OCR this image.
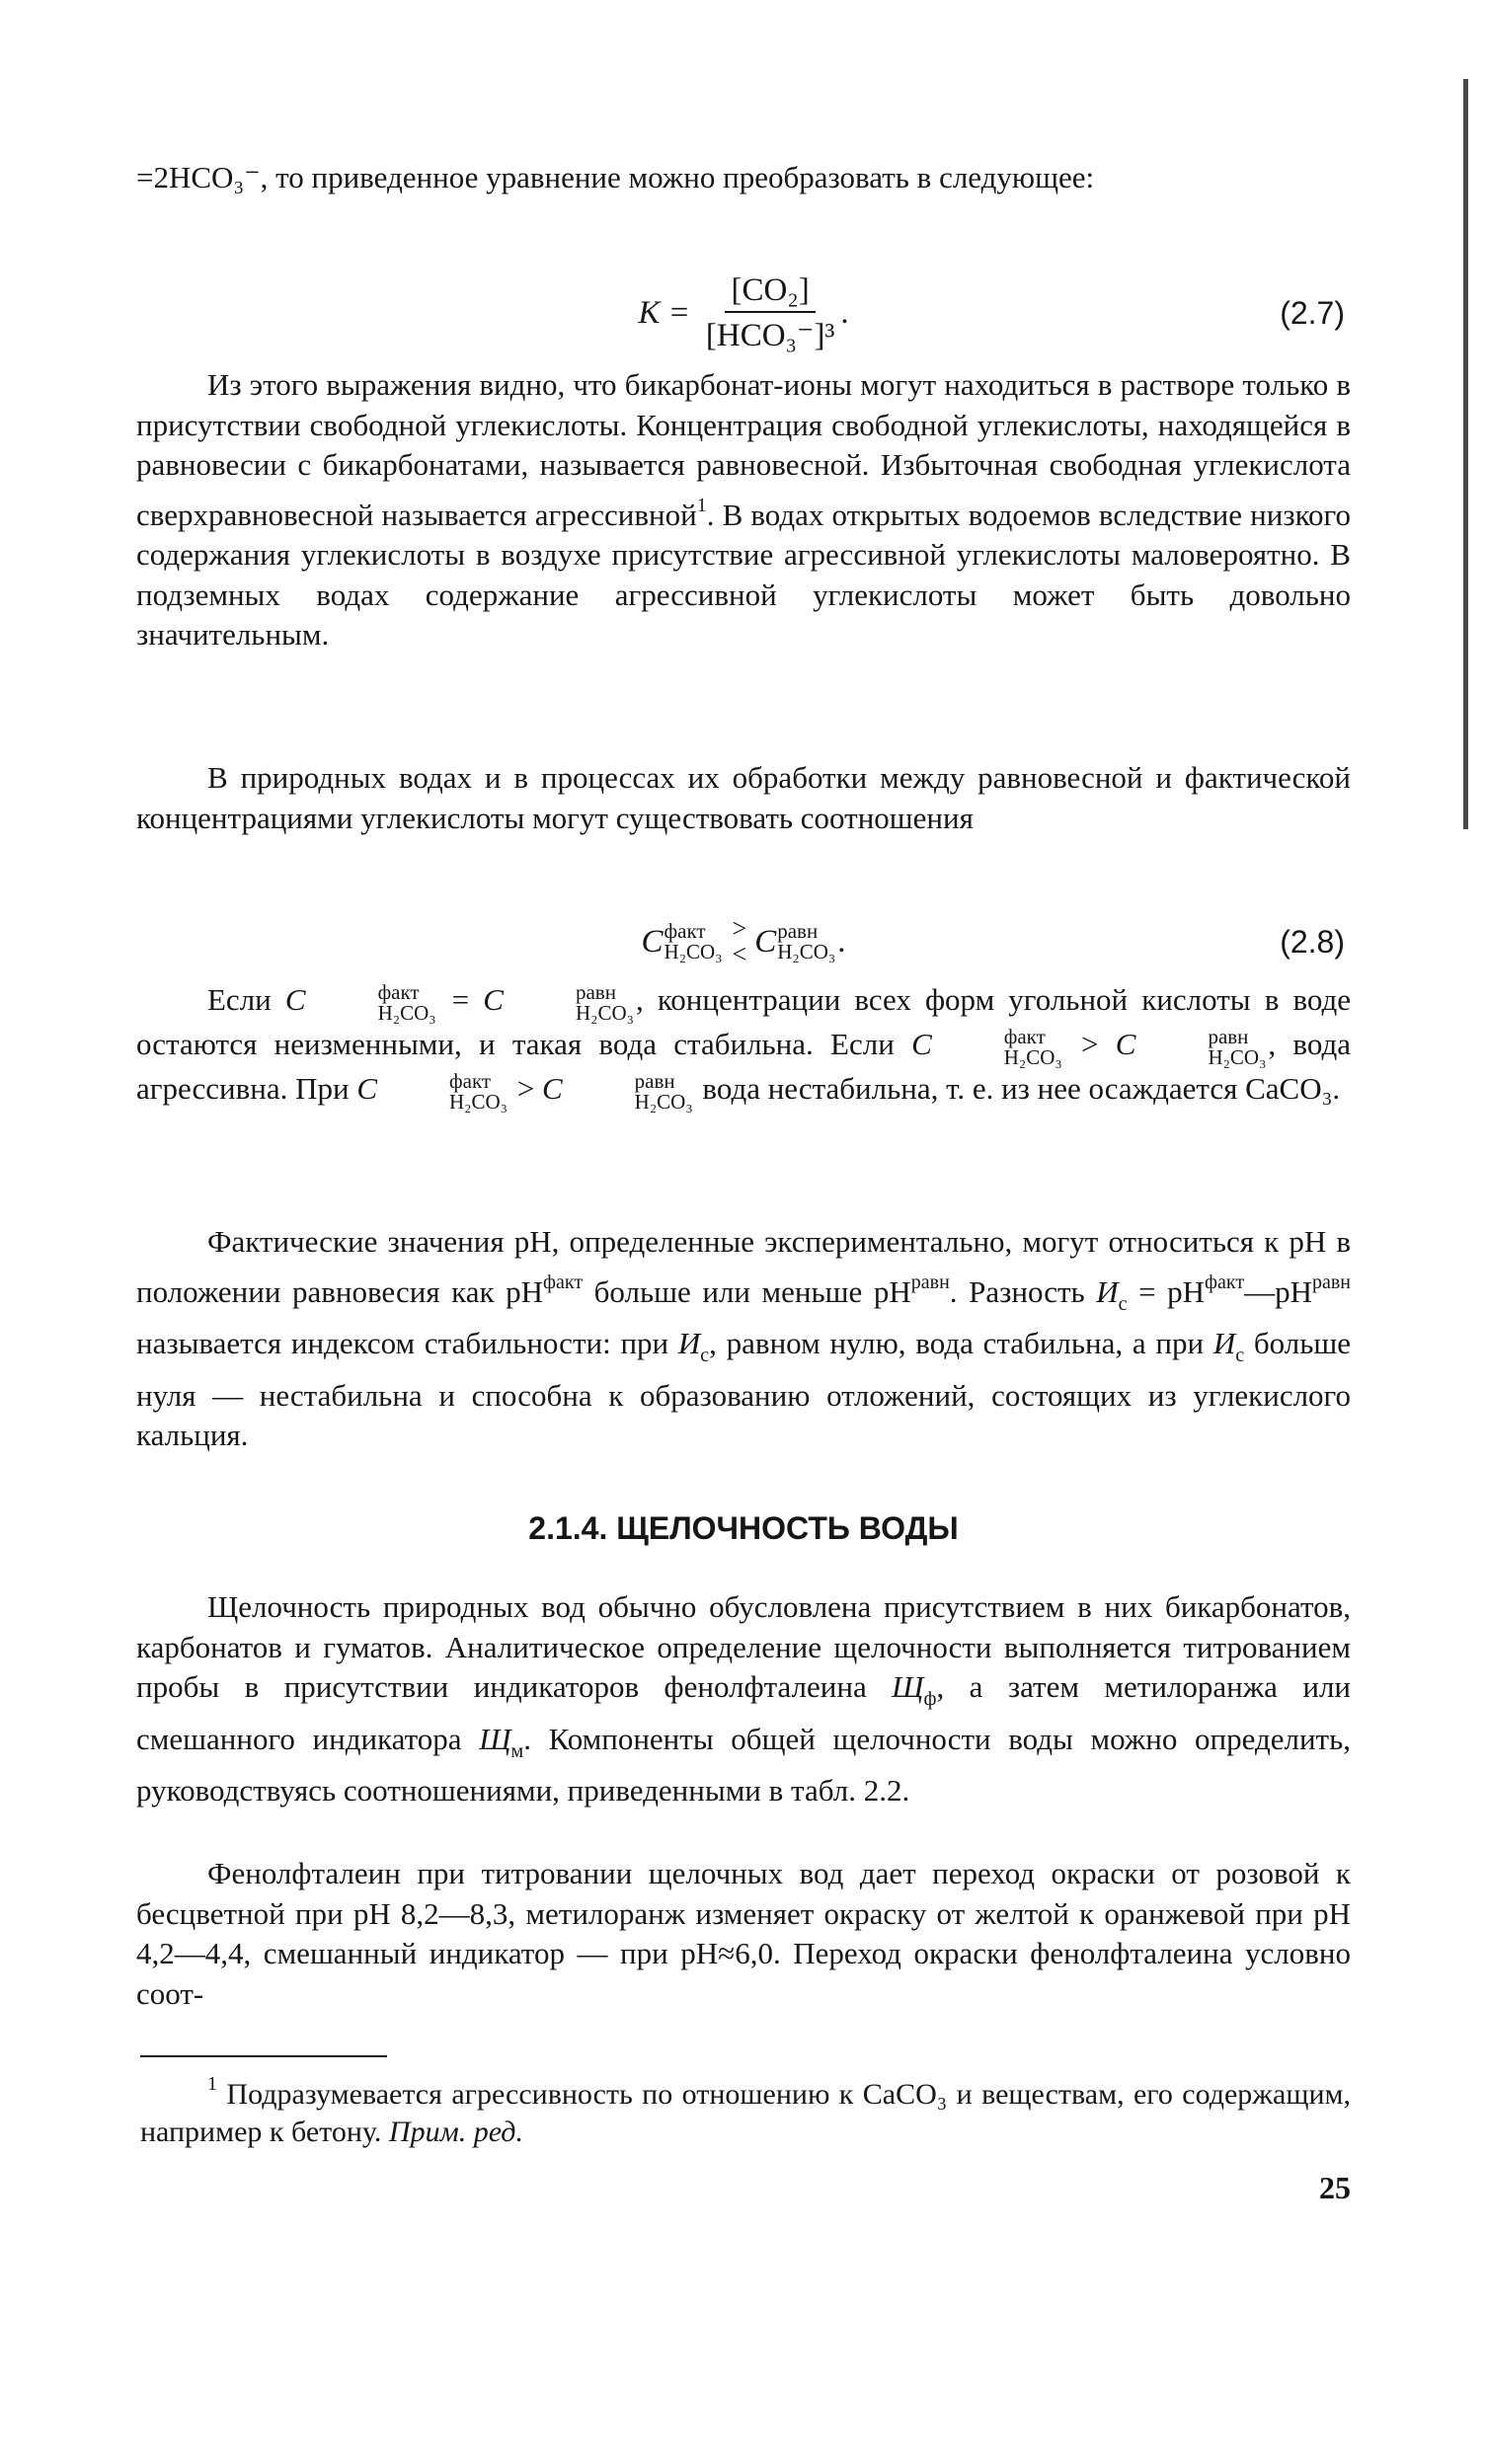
=2HCO₃⁻, то приведенное уравнение можно преобразовать в следующее:

$K = \frac{\text{[CO₂]}}{\text{[HCO₃⁻]³}}$ .	(2.7)

Из этого выражения видно, что бикарбонат-ионы могут находиться в растворе только в присутствии свободной углекислоты. Концентрация свободной углекислоты, находящейся в равновесии с бикарбонатами, называется равновесной. Избыточная свободная углекислота сверхравновесной называется агрессивной$^1$. В водах открытых водоемов вследствие низкого содержания углекислоты в воздухе присутствие агрессивной углекислоты маловероятно. В подземных водах содержание агрессивной углекислоты может быть довольно значительным.

В природных водах и в процессах их обработки между равновесной и фактической концентрациями углекислоты могут существовать соотношения

C факт
H₂CO₃
>
< C равн
H₂CO₃ .	(2.8)

Если C	факт
H₂CO₃ = C	равн
H₂CO₃ , концентрации всех форм угольной кислоты в воде остаются неизменными, и такая вода стабильна. Если C	факт
H₂CO₃ > C	равн
H₂CO₃ , вода агрессивна. При C	факт
H₂CO₃ > C	равн
H₂CO₃ вода нестабильна, т. е. из нее осаждается CaCO₃.

Фактические значения pH, определенные экспериментально, могут относиться к pH в положении равновесия как $pH^{факт}$ больше или меньше $pH^{равн}$. Разность $И_c$ = $pH^{факт}—pH^{равн}$ называется индексом стабильности: при $И_c$, равном нулю, вода стабильна, а при $И_c$ больше нуля — нестабильна и способна к образованию отложений, состоящих из углекислого кальция.

2.1.4. ЩЕЛОЧНОСТЬ ВОДЫ

Щелочность природных вод обычно обусловлена присутствием в них бикарбонатов, карбонатов и гуматов. Аналитическое определение щелочности выполняется титрованием пробы в присутствии индикаторов фенолфталеина $Щ_ф$, а затем метилоранжа или смешанного индикатора $Щ_м$. Компоненты общей щелочности воды можно определить, руководствуясь соотношениями, приведенными в табл. 2.2.

Фенолфталеин при титровании щелочных вод дает переход окраски от розовой к бесцветной при pH 8,2—8,3, метилоранж изменяет окраску от желтой к оранжевой при pH 4,2—4,4, смешанный индикатор — при pH≈6,0. Переход окраски фенолфталеина условно соот-

$^1$ Подразумевается агрессивность по отношению к CaCO₃ и веществам, его содержащим, например к бетону. Прим. ред.

25
